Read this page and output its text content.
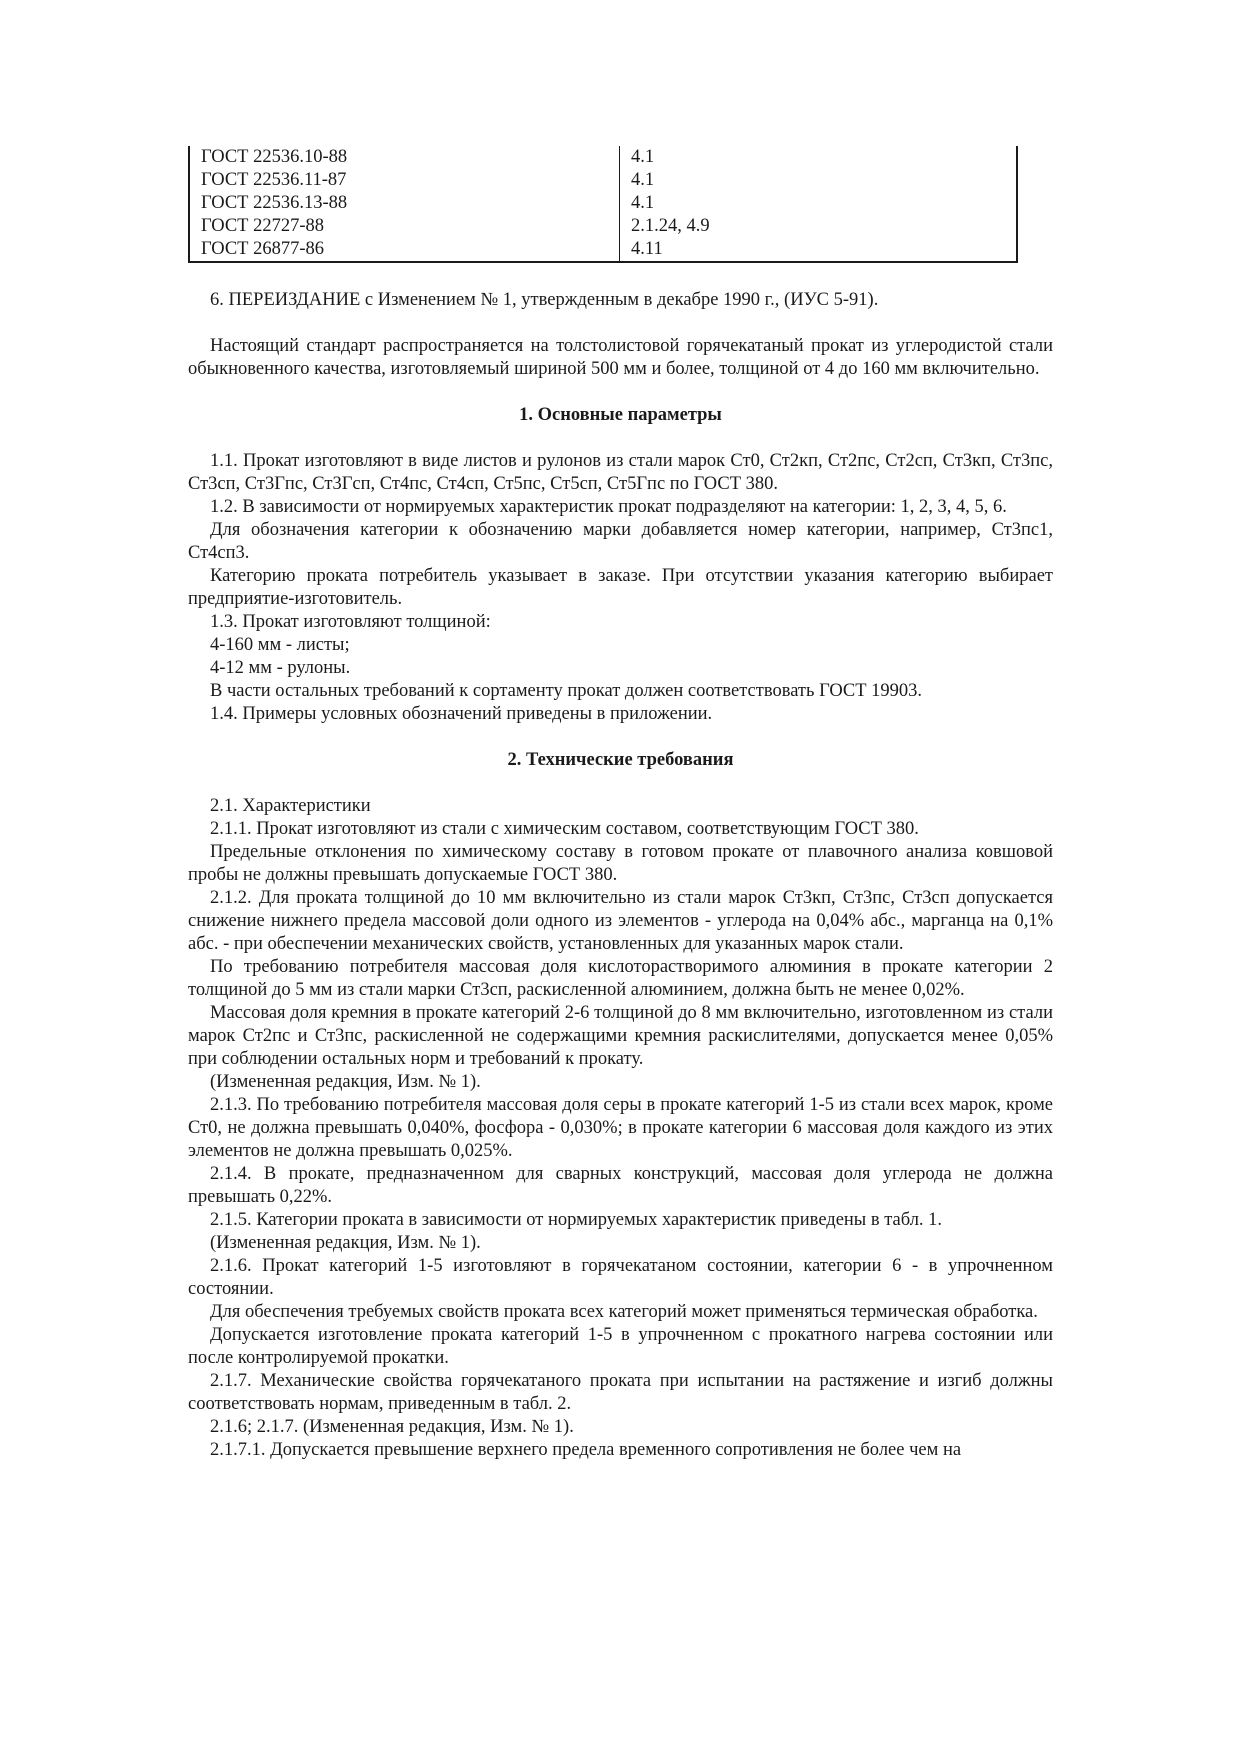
ГОСТ 22536.10-88	4.1
ГОСТ 22536.11-87	4.1
ГОСТ 22536.13-88	4.1
ГОСТ 22727-88	2.1.24, 4.9
ГОСТ 26877-86	4.11

6. ПЕРЕИЗДАНИЕ с Изменением № 1, утвержденным в декабре 1990 г., (ИУС 5-91).

Настоящий стандарт распространяется на толстолистовой горячекатаный прокат из углеродистой стали обыкновенного качества, изготовляемый шириной 500 мм и более, толщиной от 4 до 160 мм включительно.

1. Основные параметры

1.1. Прокат изготовляют в виде листов и рулонов из стали марок Ст0, Ст2кп, Ст2пс, Ст2сп, Ст3кп, Ст3пс, Ст3сп, Ст3Гпс, Ст3Гсп, Ст4пс, Ст4сп, Ст5пс, Ст5сп, Ст5Гпс по ГОСТ 380.

1.2. В зависимости от нормируемых характеристик прокат подразделяют на категории: 1, 2, 3, 4, 5, 6.

Для обозначения категории к обозначению марки добавляется номер категории, например, Ст3пс1, Ст4сп3.

Категорию проката потребитель указывает в заказе. При отсутствии указания категорию выбирает предприятие-изготовитель.

1.3. Прокат изготовляют толщиной:

4-160 мм - листы;

4-12 мм - рулоны.

В части остальных требований к сортаменту прокат должен соответствовать ГОСТ 19903.

1.4. Примеры условных обозначений приведены в приложении.

2. Технические требования

2.1. Характеристики

2.1.1. Прокат изготовляют из стали с химическим составом, соответствующим ГОСТ 380.

Предельные отклонения по химическому составу в готовом прокате от плавочного анализа ковшовой пробы не должны превышать допускаемые ГОСТ 380.

2.1.2. Для проката толщиной до 10 мм включительно из стали марок Ст3кп, Ст3пс, Ст3сп допускается снижение нижнего предела массовой доли одного из элементов - углерода на 0,04% абс., марганца на 0,1% абс. - при обеспечении механических свойств, установленных для указанных марок стали.

По требованию потребителя массовая доля кислоторастворимого алюминия в прокате категории 2 толщиной до 5 мм из стали марки Ст3сп, раскисленной алюминием, должна быть не менее 0,02%.

Массовая доля кремния в прокате категорий 2-6 толщиной до 8 мм включительно, изготовленном из стали марок Ст2пс и Ст3пс, раскисленной не содержащими кремния раскислителями, допускается менее 0,05% при соблюдении остальных норм и требований к прокату.

(Измененная редакция, Изм. № 1).

2.1.3. По требованию потребителя массовая доля серы в прокате категорий 1-5 из стали всех марок, кроме Ст0, не должна превышать 0,040%, фосфора - 0,030%; в прокате категории 6 массовая доля каждого из этих элементов не должна превышать 0,025%.

2.1.4. В прокате, предназначенном для сварных конструкций, массовая доля углерода не должна превышать 0,22%.

2.1.5. Категории проката в зависимости от нормируемых характеристик приведены в табл. 1.

(Измененная редакция, Изм. № 1).

2.1.6. Прокат категорий 1-5 изготовляют в горячекатаном состоянии, категории 6 - в упрочненном состоянии.

Для обеспечения требуемых свойств проката всех категорий может применяться термическая обработка.

Допускается изготовление проката категорий 1-5 в упрочненном с прокатного нагрева состоянии или после контролируемой прокатки.

2.1.7. Механические свойства горячекатаного проката при испытании на растяжение и изгиб должны соответствовать нормам, приведенным в табл. 2.

2.1.6; 2.1.7. (Измененная редакция, Изм. № 1).

2.1.7.1. Допускается превышение верхнего предела временного сопротивления не более чем на
